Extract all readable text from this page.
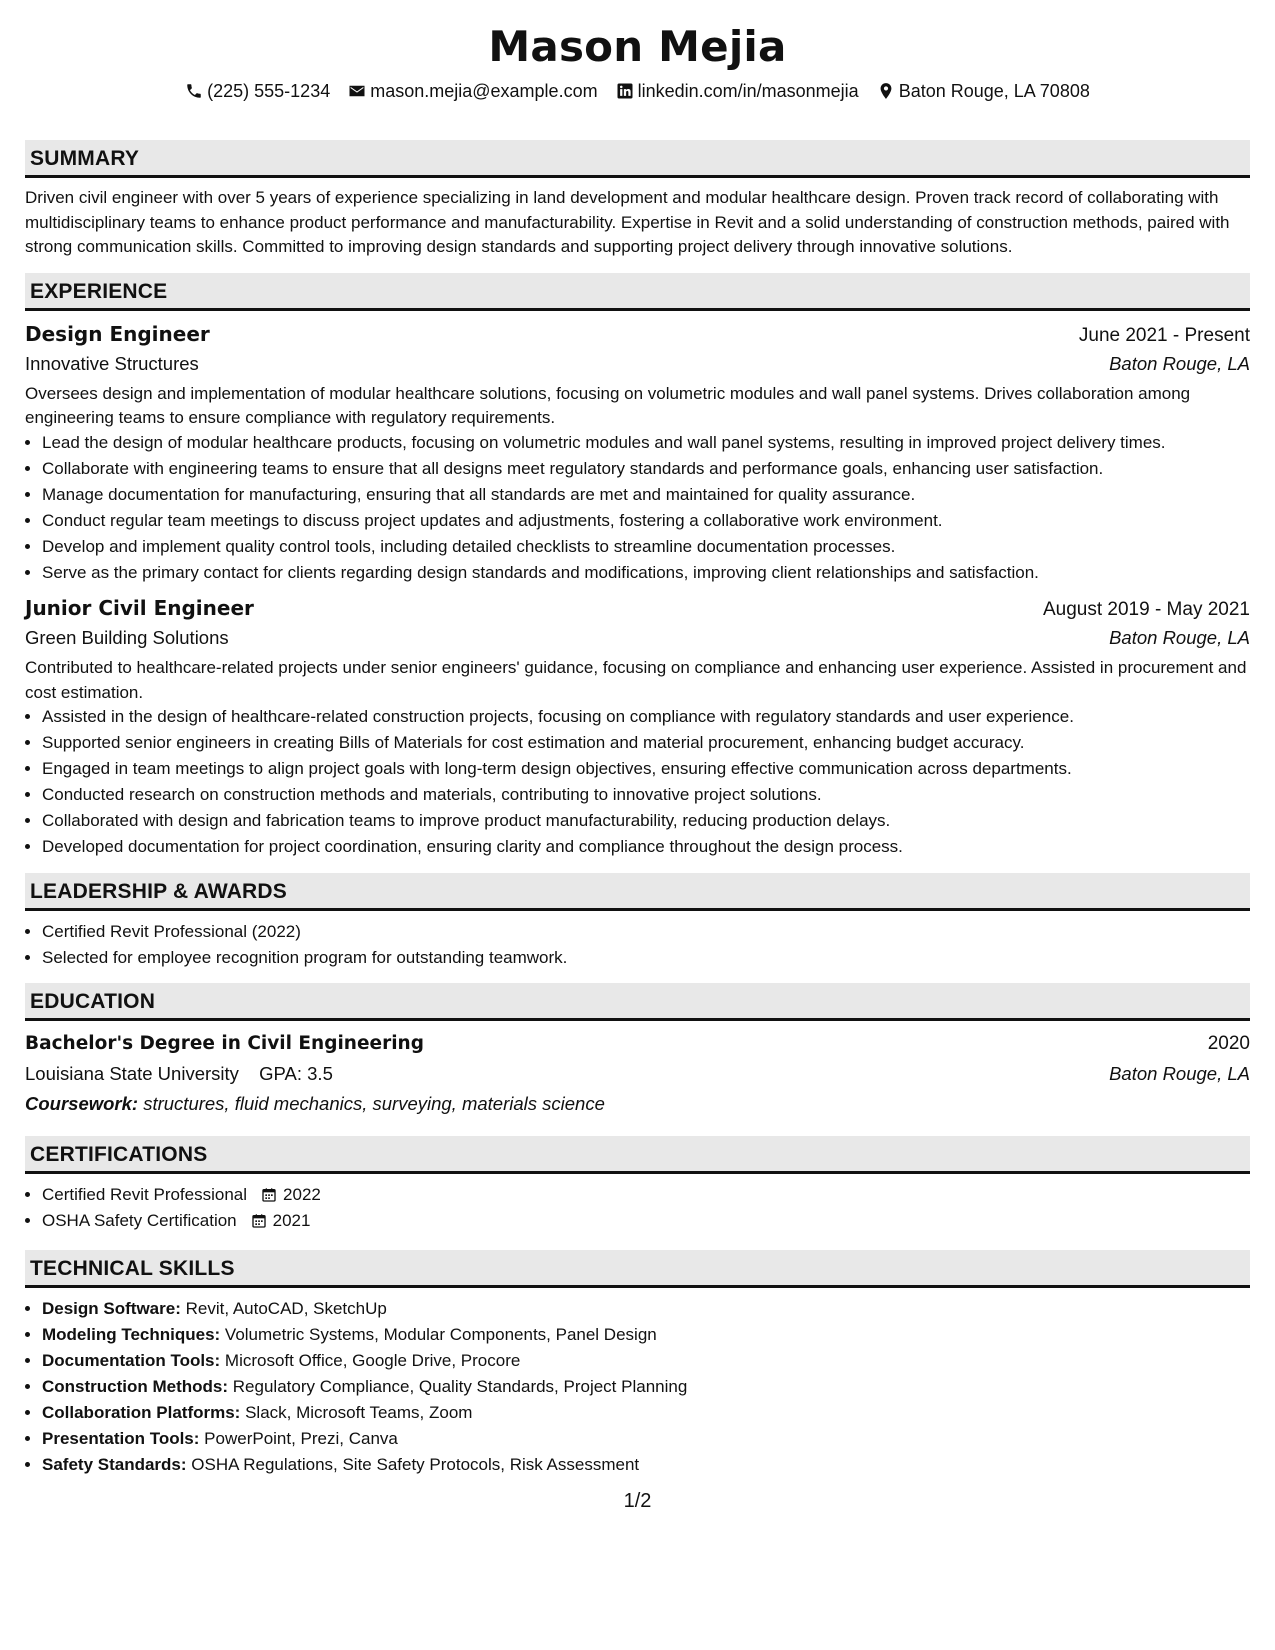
Mason Mejia
(225) 555-1234 mason.mejia@example.com linkedin.com/in/masonmejia Baton Rouge, LA 70808
SUMMARY

Driven civil engineer with over 5 years of experience specializing in land development and modular healthcare design. Proven track record of collaborating with multidisciplinary teams to enhance product performance and manufacturability. Expertise in Revit and a solid understanding of construction methods, paired with strong communication skills. Committed to improving design standards and supporting project delivery through innovative solutions.

EXPERIENCE
Design Engineer	June 2021 - Present
Innovative Structures	Baton Rouge, LA
Oversees design and implementation of modular healthcare solutions, focusing on volumetric modules and wall panel systems. Drives collaboration among engineering teams to ensure compliance with regulatory requirements.
• Lead the design of modular healthcare products, focusing on volumetric modules and wall panel systems, resulting in improved project delivery times.
• Collaborate with engineering teams to ensure that all designs meet regulatory standards and performance goals, enhancing user satisfaction.
• Manage documentation for manufacturing, ensuring that all standards are met and maintained for quality assurance.
• Conduct regular team meetings to discuss project updates and adjustments, fostering a collaborative work environment.
• Develop and implement quality control tools, including detailed checklists to streamline documentation processes.
• Serve as the primary contact for clients regarding design standards and modifications, improving client relationships and satisfaction.
Junior Civil Engineer	August 2019 - May 2021
Green Building Solutions	Baton Rouge, LA
Contributed to healthcare-related projects under senior engineers' guidance, focusing on compliance and enhancing user experience. Assisted in procurement and cost estimation.
• Assisted in the design of healthcare-related construction projects, focusing on compliance with regulatory standards and user experience.
• Supported senior engineers in creating Bills of Materials for cost estimation and material procurement, enhancing budget accuracy.
• Engaged in team meetings to align project goals with long-term design objectives, ensuring effective communication across departments.
• Conducted research on construction methods and materials, contributing to innovative project solutions.
• Collaborated with design and fabrication teams to improve product manufacturability, reducing production delays.
• Developed documentation for project coordination, ensuring clarity and compliance throughout the design process.
LEADERSHIP & AWARDS
• Certified Revit Professional (2022)
• Selected for employee recognition program for outstanding teamwork.
EDUCATION
Bachelor's Degree in Civil Engineering	2020
Louisiana State University GPA: 3.5	Baton Rouge, LA
Coursework: structures, fluid mechanics, surveying, materials science
CERTIFICATIONS
• Certified Revit Professional 2022
• OSHA Safety Certification 2021
TECHNICAL SKILLS
• Design Software: Revit, AutoCAD, SketchUp
• Modeling Techniques: Volumetric Systems, Modular Components, Panel Design
• Documentation Tools: Microsoft Office, Google Drive, Procore
• Construction Methods: Regulatory Compliance, Quality Standards, Project Planning
• Collaboration Platforms: Slack, Microsoft Teams, Zoom
• Presentation Tools: PowerPoint, Prezi, Canva
• Safety Standards: OSHA Regulations, Site Safety Protocols, Risk Assessment
1/2
